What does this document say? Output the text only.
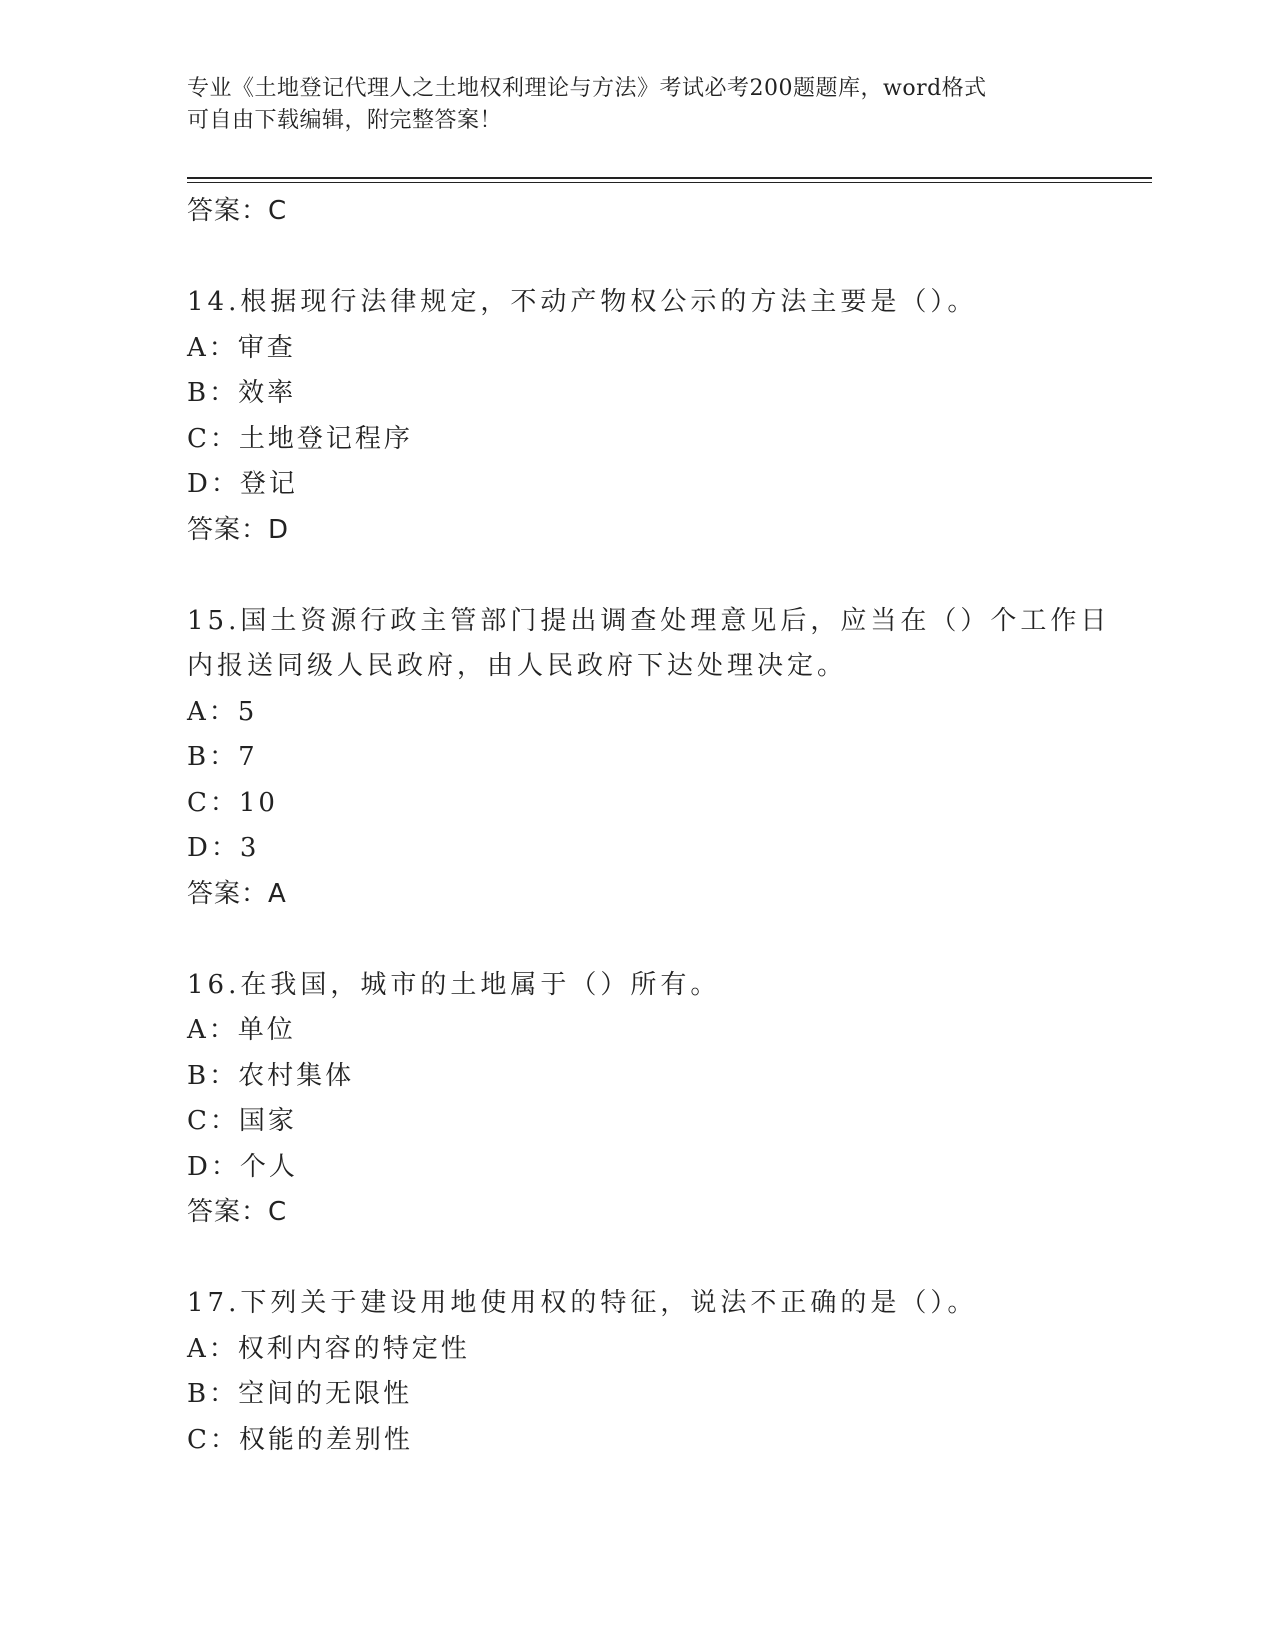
专业《土地登记代理人之土地权利理论与方法》考试必考200题题库，word格式
可自由下载编辑，附完整答案！
答案：C
14.根据现行法律规定，不动产物权公示的方法主要是（）。
A：审查
B：效率
C：土地登记程序
D：登记
答案：D
15.国土资源行政主管部门提出调查处理意见后，应当在（）个工作日
内报送同级人民政府，由人民政府下达处理决定。
A：5
B：7
C：10
D：3
答案：A
16.在我国，城市的土地属于（）所有。
A：单位
B：农村集体
C：国家
D：个人
答案：C
17.下列关于建设用地使用权的特征，说法不正确的是（）。
A：权利内容的特定性
B：空间的无限性
C：权能的差别性
